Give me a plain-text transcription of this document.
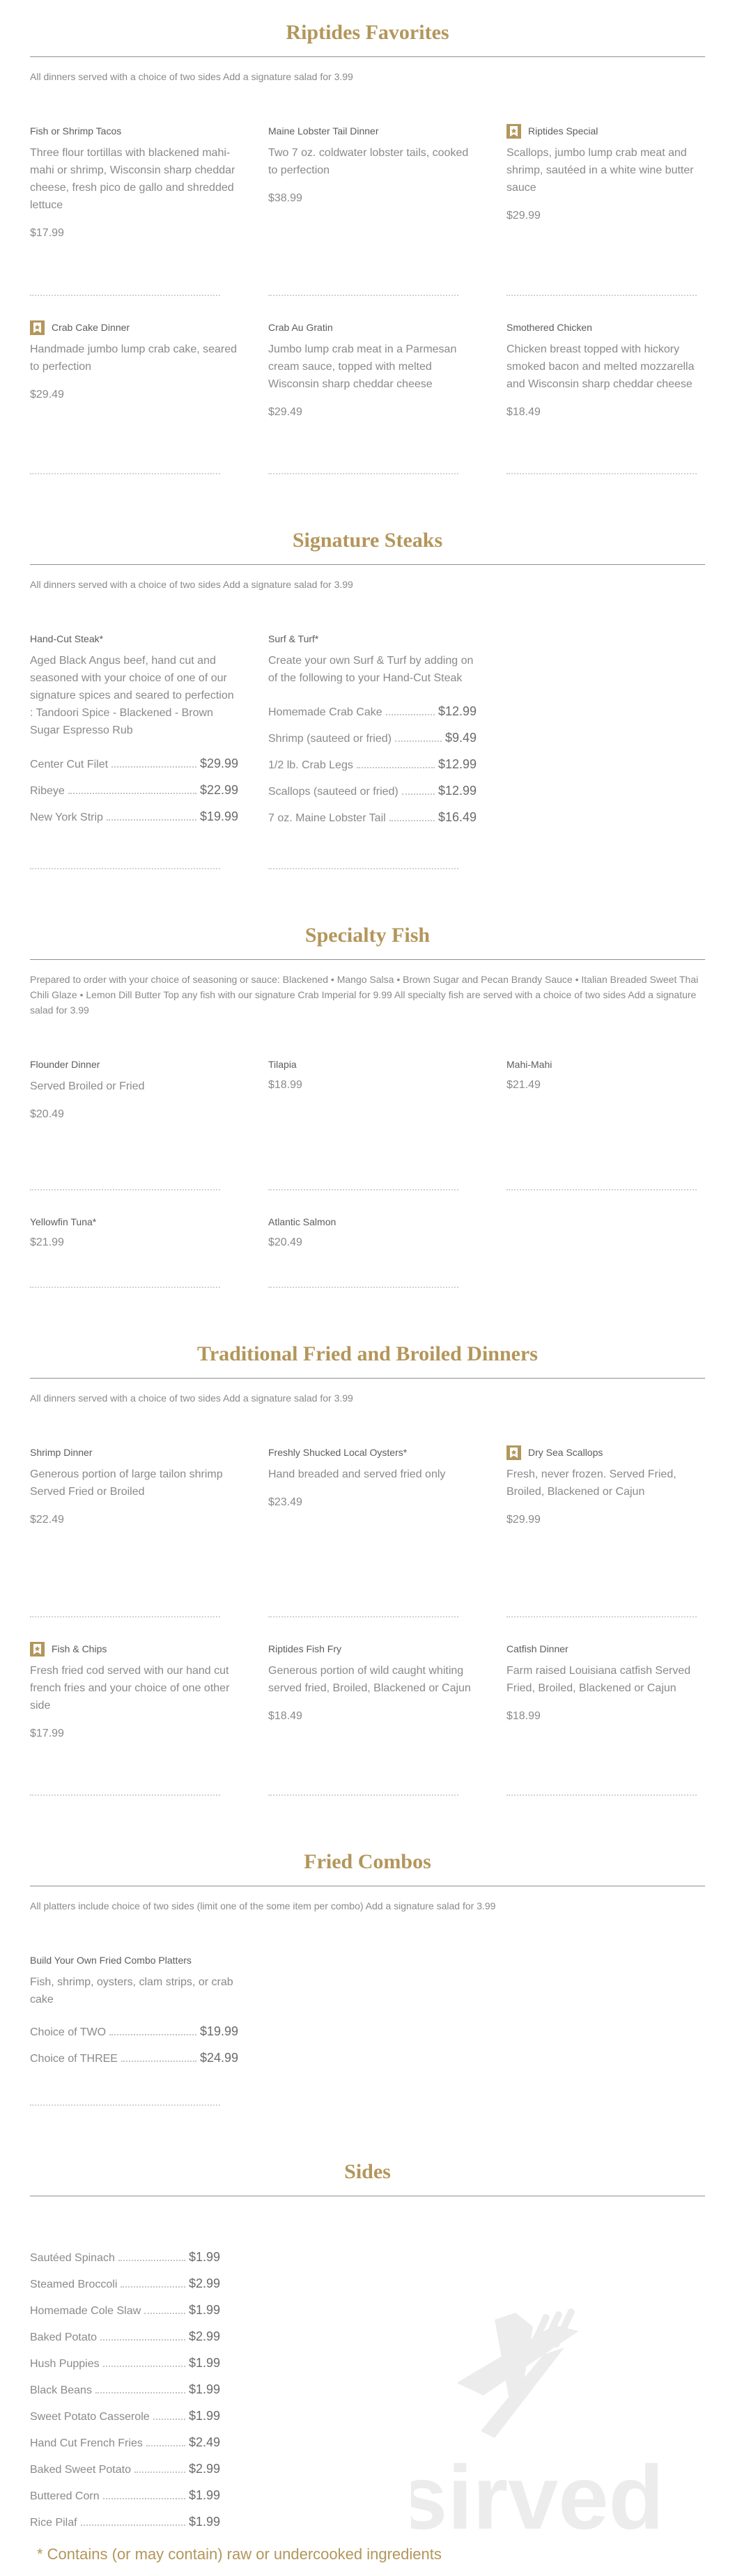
Riptides Favorites

All dinners served with a choice of two sides Add a signature salad for 3.99

Fish or Shrimp Tacos

Three flour tortillas with blackened mahi-mahi or shrimp, Wisconsin sharp cheddar cheese, fresh pico de gallo and shredded lettuce

$17.99

Maine Lobster Tail Dinner

Two 7 oz. coldwater lobster tails, cooked to perfection

$38.99

Riptides Special

Scallops, jumbo lump crab meat and shrimp, sautéed in a white wine butter sauce

$29.99

Crab Cake Dinner

Handmade jumbo lump crab cake, seared to perfection

$29.49

Crab Au Gratin

Jumbo lump crab meat in a Parmesan cream sauce, topped with melted Wisconsin sharp cheddar cheese

$29.49

Smothered Chicken

Chicken breast topped with hickory smoked bacon and melted mozzarella and Wisconsin sharp cheddar cheese

$18.49

Signature Steaks

All dinners served with a choice of two sides Add a signature salad for 3.99

Hand-Cut Steak*

Aged Black Angus beef, hand cut and seasoned with your choice of one of our signature spices and seared to perfection : Tandoori Spice - Blackened - Brown Sugar Espresso Rub

Center Cut Filet	$29.99
Ribeye	$22.99
New York Strip	$19.99
Surf & Turf*

Create your own Surf & Turf by adding on of the following to your Hand-Cut Steak

Homemade Crab Cake	$12.99
Shrimp (sauteed or fried)	$9.49
1/2 lb. Crab Legs	$12.99
Scallops (sauteed or fried)	$12.99
7 oz. Maine Lobster Tail	$16.49
Specialty Fish

Prepared to order with your choice of seasoning or sauce: Blackened • Mango Salsa • Brown Sugar and Pecan Brandy Sauce • Italian Breaded Sweet Thai Chili Glaze • Lemon Dill Butter Top any fish with our signature Crab Imperial for 9.99 All specialty fish are served with a choice of two sides Add a signature salad for 3.99

Flounder Dinner

Served Broiled or Fried

$20.49

Tilapia

$18.99

Mahi-Mahi

$21.49

Yellowfin Tuna*

$21.99

Atlantic Salmon

$20.49

Traditional Fried and Broiled Dinners

All dinners served with a choice of two sides Add a signature salad for 3.99

Shrimp Dinner

Generous portion of large tailon shrimp Served Fried or Broiled

$22.49

Freshly Shucked Local Oysters*

Hand breaded and served fried only

$23.49

Dry Sea Scallops

Fresh, never frozen. Served Fried, Broiled, Blackened or Cajun

$29.99

Fish & Chips

Fresh fried cod served with our hand cut french fries and your choice of one other side

$17.99

Riptides Fish Fry

Generous portion of wild caught whiting served fried, Broiled, Blackened or Cajun

$18.49

Catfish Dinner

Farm raised Louisiana catfish Served Fried, Broiled, Blackened or Cajun

$18.99

Fried Combos

All platters include choice of two sides (limit one of the some item per combo) Add a signature salad for 3.99

Build Your Own Fried Combo Platters

Fish, shrimp, oysters, clam strips, or crab cake

Choice of TWO	$19.99
Choice of THREE	$24.99
Sides
Sautéed Spinach	$1.99
Steamed Broccoli	$2.99
Homemade Cole Slaw	$1.99
Baked Potato	$2.99
Hush Puppies	$1.99
Black Beans	$1.99
Sweet Potato Casserole	$1.99
Hand Cut French Fries	$2.49
Baked Sweet Potato	$2.99
Buttered Corn	$1.99
Rice Pilaf	$1.99 sirved

* Contains (or may contain) raw or undercooked ingredients
